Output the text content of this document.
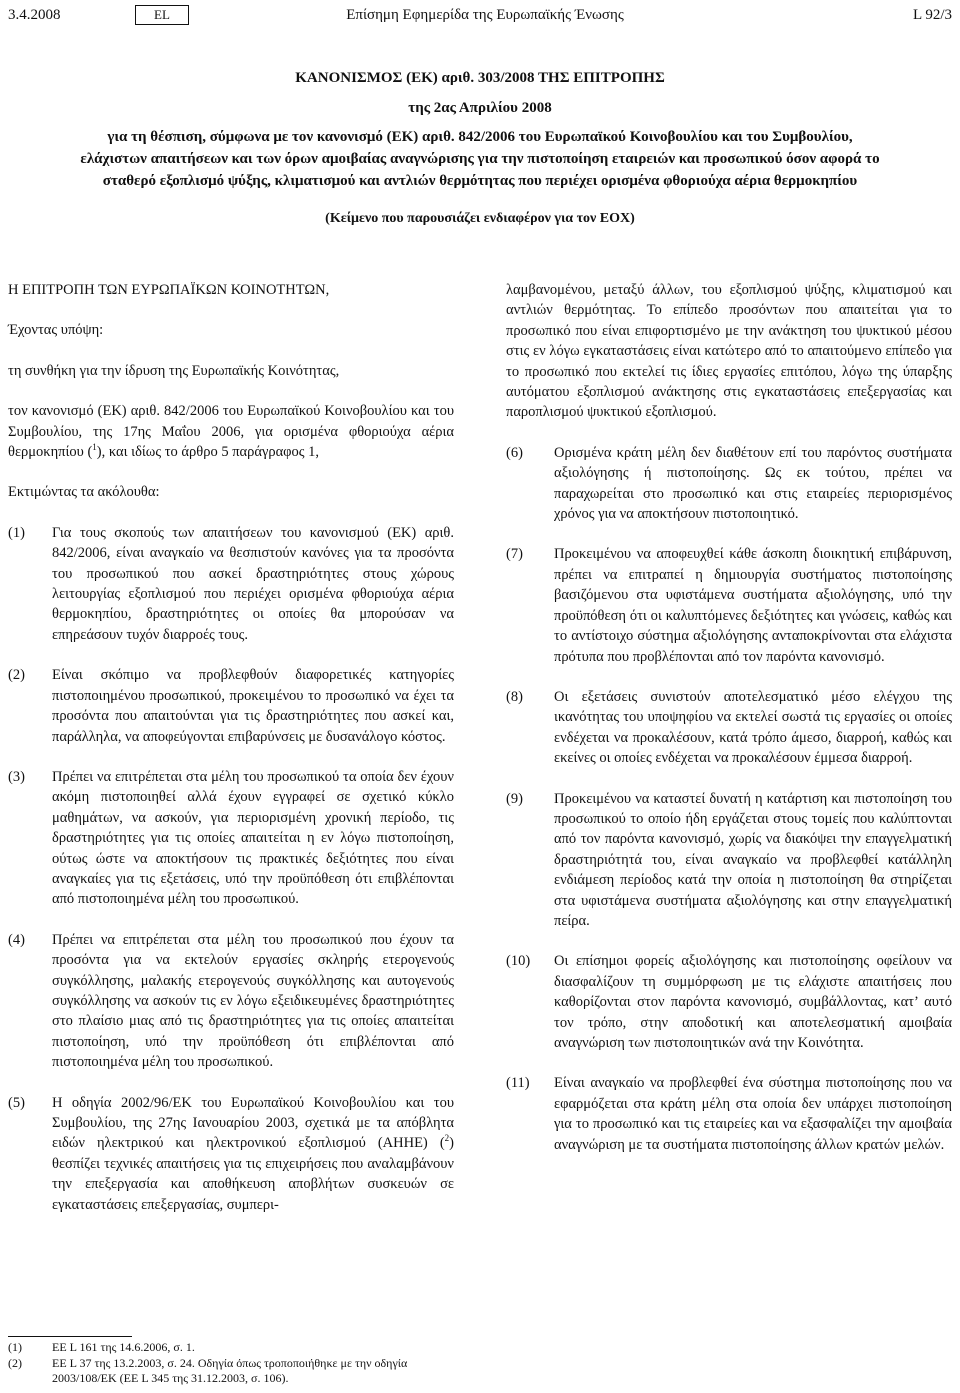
3.4.2008	EL	Επίσημη Εφημερίδα της Ευρωπαϊκής Ένωσης	L 92/3
ΚΑΝΟΝΙΣΜΟΣ (ΕΚ) αριθ. 303/2008 ΤΗΣ ΕΠΙΤΡΟΠΗΣ
της 2ας Απριλίου 2008
για τη θέσπιση, σύμφωνα με τον κανονισμό (ΕΚ) αριθ. 842/2006 του Ευρωπαϊκού Κοινοβουλίου και του Συμβουλίου, ελάχιστων απαιτήσεων και των όρων αμοιβαίας αναγνώρισης για την πιστοποίηση εταιρειών και προσωπικού όσον αφορά το σταθερό εξοπλισμό ψύξης, κλιματισμού και αντλιών θερμότητας που περιέχει ορισμένα φθοριούχα αέρια θερμοκηπίου
(Κείμενο που παρουσιάζει ενδιαφέρον για τον ΕΟΧ)

Η ΕΠΙΤΡΟΠΗ ΤΩΝ ΕΥΡΩΠΑΪΚΩΝ ΚΟΙΝΟΤΗΤΩΝ,

Έχοντας υπόψη:

τη συνθήκη για την ίδρυση της Ευρωπαϊκής Κοινότητας,

τον κανονισμό (ΕΚ) αριθ. 842/2006 του Ευρωπαϊκού Κοινοβουλίου και του Συμβουλίου, της 17ης Μαΐου 2006, για ορισμένα φθοριούχα αέρια θερμοκηπίου ($^1$), και ιδίως το άρθρο 5 παράγραφος 1,

Εκτιμώντας τα ακόλουθα:

(1)	Για τους σκοπούς των απαιτήσεων του κανονισμού (ΕΚ) αριθ. 842/2006, είναι αναγκαίο να θεσπιστούν κανόνες για τα προσόντα του προσωπικού που ασκεί δραστηριότητες στους χώρους λειτουργίας εξοπλισμού που περιέχει ορισμένα φθοριούχα αέρια θερμοκηπίου, δραστηριότητες οι οποίες θα μπορούσαν να επηρεάσουν τυχόν διαρροές τους.
(2)	Είναι σκόπιμο να προβλεφθούν διαφορετικές κατηγορίες πιστοποιημένου προσωπικού, προκειμένου το προσωπικό να έχει τα προσόντα που απαιτούνται για τις δραστηριότητες που ασκεί και, παράλληλα, να αποφεύγονται επιβαρύνσεις με δυσανάλογο κόστος.
(3)	Πρέπει να επιτρέπεται στα μέλη του προσωπικού τα οποία δεν έχουν ακόμη πιστοποιηθεί αλλά έχουν εγγραφεί σε σχετικό κύκλο μαθημάτων, να ασκούν, για περιορισμένη χρονική περίοδο, τις δραστηριότητες για τις οποίες απαιτείται η εν λόγω πιστοποίηση, ούτως ώστε να αποκτήσουν τις πρακτικές δεξιότητες που είναι αναγκαίες για τις εξετάσεις, υπό την προϋπόθεση ότι επιβλέπονται από πιστοποιημένα μέλη του προσωπικού.
(4)	Πρέπει να επιτρέπεται στα μέλη του προσωπικού που έχουν τα προσόντα για να εκτελούν εργασίες σκληρής ετερογενούς συγκόλλησης, μαλακής ετερογενούς συγκόλλησης και αυτογενούς συγκόλλησης να ασκούν τις εν λόγω εξειδικευμένες δραστηριότητες στο πλαίσιο μιας από τις δραστηριότητες για τις οποίες απαιτείται πιστοποίηση, υπό την προϋπόθεση ότι επιβλέπονται από πιστοποιημένα μέλη του προσωπικού.
(5)	Η οδηγία 2002/96/ΕΚ του Ευρωπαϊκού Κοινοβουλίου και του Συμβουλίου, της 27ης Ιανουαρίου 2003, σχετικά με τα απόβλητα ειδών ηλεκτρικού και ηλεκτρονικού εξοπλισμού (ΑΗΗΕ) ($^2$) θεσπίζει τεχνικές απαιτήσεις για τις επιχειρήσεις που αναλαμβάνουν την επεξεργασία και αποθήκευση αποβλήτων συσκευών σε εγκαταστάσεις επεξεργασίας, συμπερι-
(1)	ΕΕ L 161 της 14.6.2006, σ. 1.
(2)	ΕΕ L 37 της 13.2.2003, σ. 24. Οδηγία όπως τροποποιήθηκε με την οδηγία 2003/108/ΕΚ (ΕΕ L 345 της 31.12.2003, σ. 106).

λαμβανομένου, μεταξύ άλλων, του εξοπλισμού ψύξης, κλιματισμού και αντλιών θερμότητας. Το επίπεδο προσόντων που απαιτείται για το προσωπικό που είναι επιφορτισμένο με την ανάκτηση του ψυκτικού μέσου στις εν λόγω εγκαταστάσεις είναι κατώτερο από το απαιτούμενο επίπεδο για το προσωπικό που εκτελεί τις ίδιες εργασίες επιτόπου, λόγω της ύπαρξης αυτόματου εξοπλισμού ανάκτησης στις εγκαταστάσεις επεξεργασίας και παροπλισμού ψυκτικού εξοπλισμού.

(6)	Ορισμένα κράτη μέλη δεν διαθέτουν επί του παρόντος συστήματα αξιολόγησης ή πιστοποίησης. Ως εκ τούτου, πρέπει να παραχωρείται στο προσωπικό και στις εταιρείες περιορισμένος χρόνος για να αποκτήσουν πιστοποιητικό.
(7)	Προκειμένου να αποφευχθεί κάθε άσκοπη διοικητική επιβάρυνση, πρέπει να επιτραπεί η δημιουργία συστήματος πιστοποίησης βασιζόμενου στα υφιστάμενα συστήματα αξιολόγησης, υπό την προϋπόθεση ότι οι καλυπτόμενες δεξιότητες και γνώσεις, καθώς και το αντίστοιχο σύστημα αξιολόγησης ανταποκρίνονται στα ελάχιστα πρότυπα που προβλέπονται από τον παρόντα κανονισμό.
(8)	Οι εξετάσεις συνιστούν αποτελεσματικό μέσο ελέγχου της ικανότητας του υποψηφίου να εκτελεί σωστά τις εργασίες οι οποίες ενδέχεται να προκαλέσουν, κατά τρόπο άμεσο, διαρροή, καθώς και εκείνες οι οποίες ενδέχεται να προκαλέσουν έμμεσα διαρροή.
(9)	Προκειμένου να καταστεί δυνατή η κατάρτιση και πιστοποίηση του προσωπικού το οποίο ήδη εργάζεται στους τομείς που καλύπτονται από τον παρόντα κανονισμό, χωρίς να διακόψει την επαγγελματική δραστηριότητά του, είναι αναγκαίο να προβλεφθεί κατάλληλη ενδιάμεση περίοδος κατά την οποία η πιστοποίηση θα στηρίζεται στα υφιστάμενα συστήματα αξιολόγησης και στην επαγγελματική πείρα.
(10)	Οι επίσημοι φορείς αξιολόγησης και πιστοποίησης οφείλουν να διασφαλίζουν τη συμμόρφωση με τις ελάχιστε απαιτήσεις που καθορίζονται στον παρόντα κανονισμό, συμβάλλοντας, κατ’ αυτό τον τρόπο, στην αποδοτική και αποτελεσματική αμοιβαία αναγνώριση των πιστοποιητικών ανά την Κοινότητα.
(11)	Είναι αναγκαίο να προβλεφθεί ένα σύστημα πιστοποίησης που να εφαρμόζεται στα κράτη μέλη στα οποία δεν υπάρχει πιστοποίηση για το προσωπικό και τις εταιρείες και να εξασφαλίζει την αμοιβαία αναγνώριση με τα συστήματα πιστοποίησης άλλων κρατών μελών.
